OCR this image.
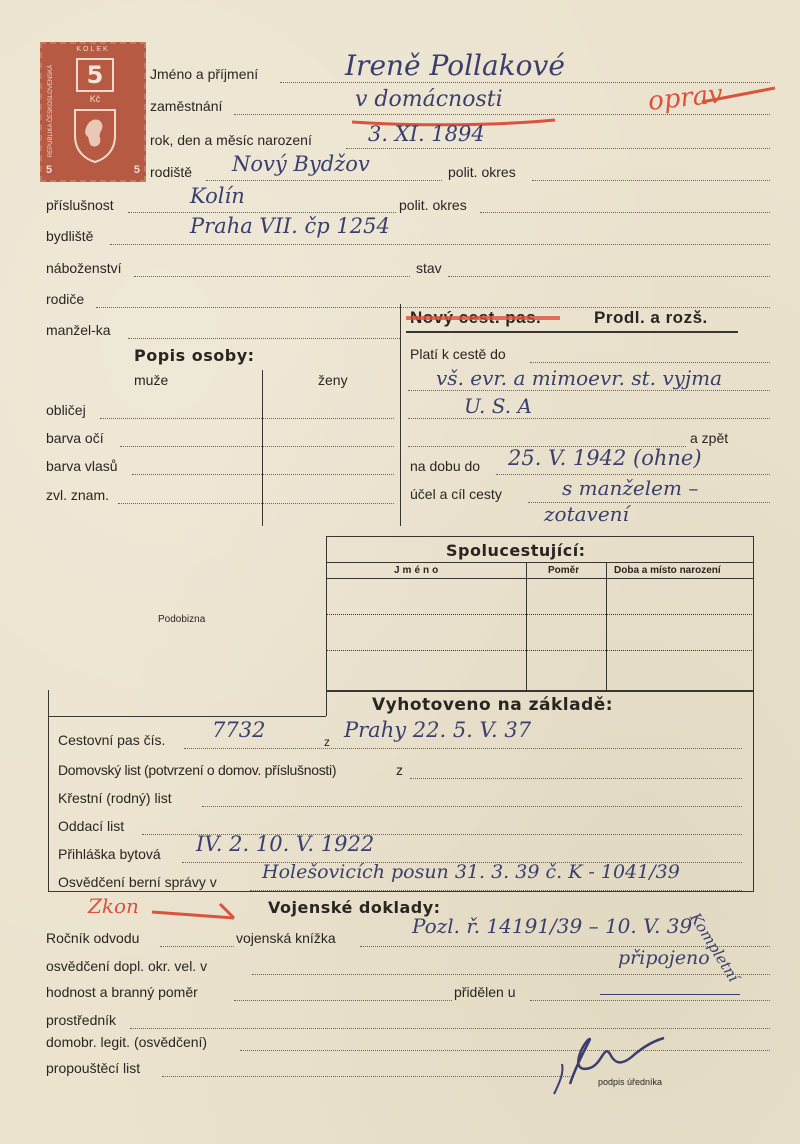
KOLEK
5
Kč
REPUBLIKA ČESKOSLOVENSKÁ
5	5
Jméno a příjmení	Ireně Pollakové
zaměstnání	v domácnosti	oprav
rok, den a měsíc narození	3. XI. 1894
rodiště Nový Bydžov	polit. okres
příslušnost	Kolín	polit. okres
bydliště	Praha VII. čp 1254
náboženství	stav
rodiče
manžel-ka
Popis osoby:
muže	ženy
obličej
barva očí
barva vlasů
zvl. znam.
Nový cest. pas.	Prodl. a rozš.
Platí k cestě do
vš. evr. a mimoevr. st. vyjma
U. S. A
a zpět
na dobu do 25. V. 1942 (ohne)
účel a cíl cesty	s manželem –
zotavení
Podobizna
Spolucestující:
Jméno	Poměr	Doba a místo narození
Vyhotoveno na základě:
Cestovní pas čís. 7732	z Prahy 22. 5. V. 37
Domovský list (potvrzení o domov. příslušnosti)	z
Křestní (rodný) list
Oddací list
Přihláška bytová IV. 2. 10. V. 1922
Osvědčení berní správy v Holešovicích posun 31. 3. 39 č. K - 1041/39
Vojenské doklady:
Zkon
Ročník odvodu	vojenská knížka	Pozl. ř. 14191/39 – 10. V. 39
osvědčení dopl. okr. vel. v	připojeno
hodnost a branný poměr	přidělen u
prostředník
domobr. legit. (osvědčení)
propouštěcí list
podpis úředníka
Kompletní
